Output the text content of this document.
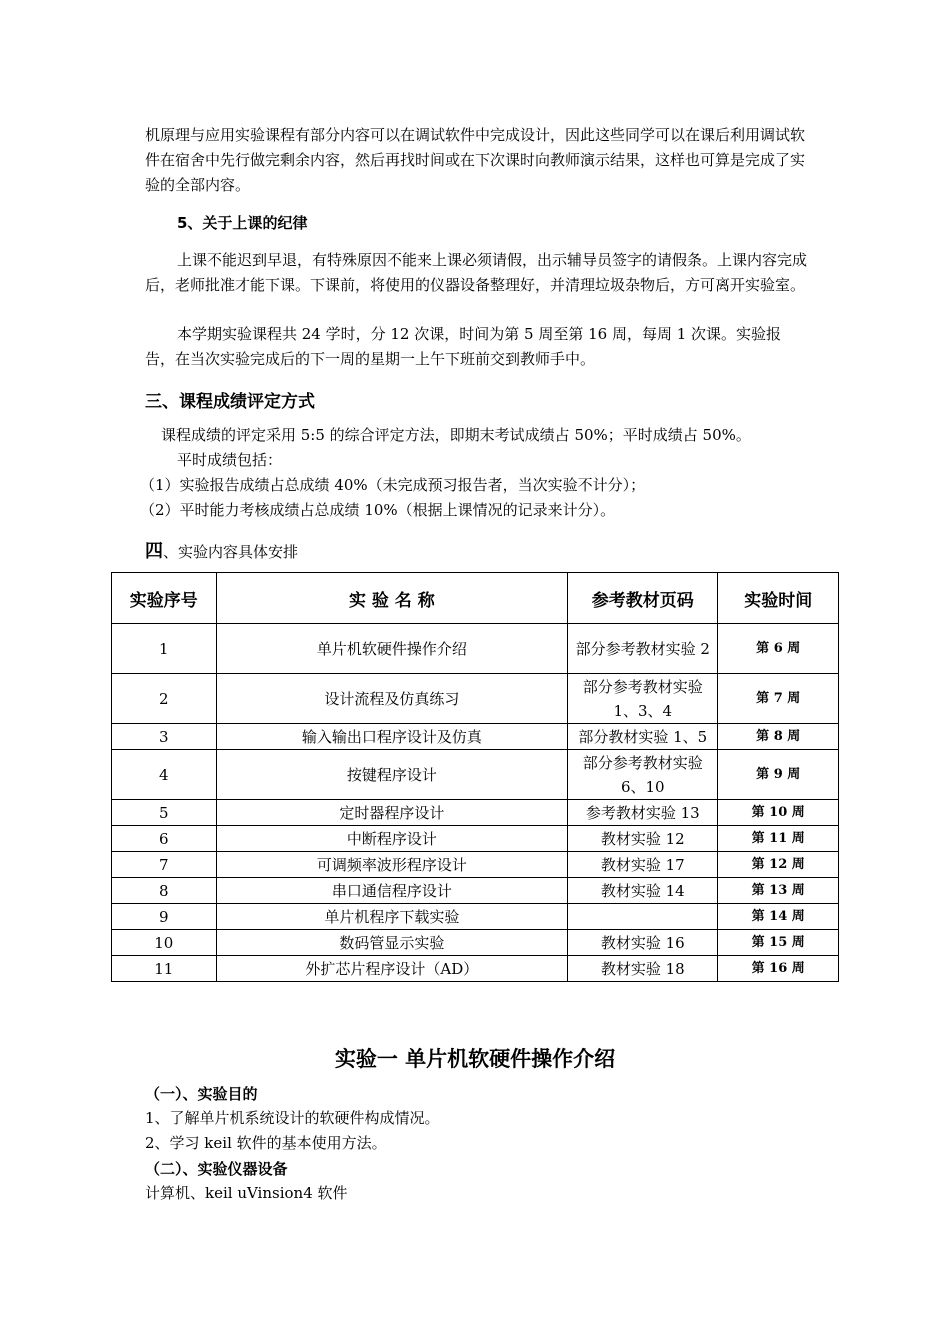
机原理与应用实验课程有部分内容可以在调试软件中完成设计，因此这些同学可以在课后利用调试软件在宿舍中先行做完剩余内容，然后再找时间或在下次课时向教师演示结果，这样也可算是完成了实验的全部内容。

5、关于上课的纪律

上课不能迟到早退，有特殊原因不能来上课必须请假，出示辅导员签字的请假条。上课内容完成后，老师批准才能下课。下课前，将使用的仪器设备整理好，并清理垃圾杂物后，方可离开实验室。

本学期实验课程共 24 学时，分 12 次课，时间为第 5 周至第 16 周，每周 1 次课。实验报告，在当次实验完成后的下一周的星期一上午下班前交到教师手中。

三、课程成绩评定方式

课程成绩的评定采用 5:5 的综合评定方法，即期末考试成绩占 50%；平时成绩占 50%。

平时成绩包括：

（1）实验报告成绩占总成绩 40%（未完成预习报告者，当次实验不计分）；

（2）平时能力考核成绩占总成绩 10%（根据上课情况的记录来计分）。

四、实验内容具体安排

实验序号	实 验 名 称	参考教材页码	实验时间
1	单片机软硬件操作介绍	部分参考教材实验 2	第 6 周
2	设计流程及仿真练习	部分参考教材实验 1、3、4	第 7 周
3	输入输出口程序设计及仿真	部分教材实验 1、5	第 8 周
4	按键程序设计	部分参考教材实验 6、10	第 9 周
5	定时器程序设计	参考教材实验 13	第 10 周
6	中断程序设计	教材实验 12	第 11 周
7	可调频率波形程序设计	教材实验 17	第 12 周
8	串口通信程序设计	教材实验 14	第 13 周
9	单片机程序下载实验		第 14 周
10	数码管显示实验	教材实验 16	第 15 周
11	外扩芯片程序设计（AD）	教材实验 18	第 16 周

实验一 单片机软硬件操作介绍

（一）、实验目的

1、了解单片机系统设计的软硬件构成情况。

2、学习 keil 软件的基本使用方法。

（二）、实验仪器设备

计算机、keil uVinsion4 软件
